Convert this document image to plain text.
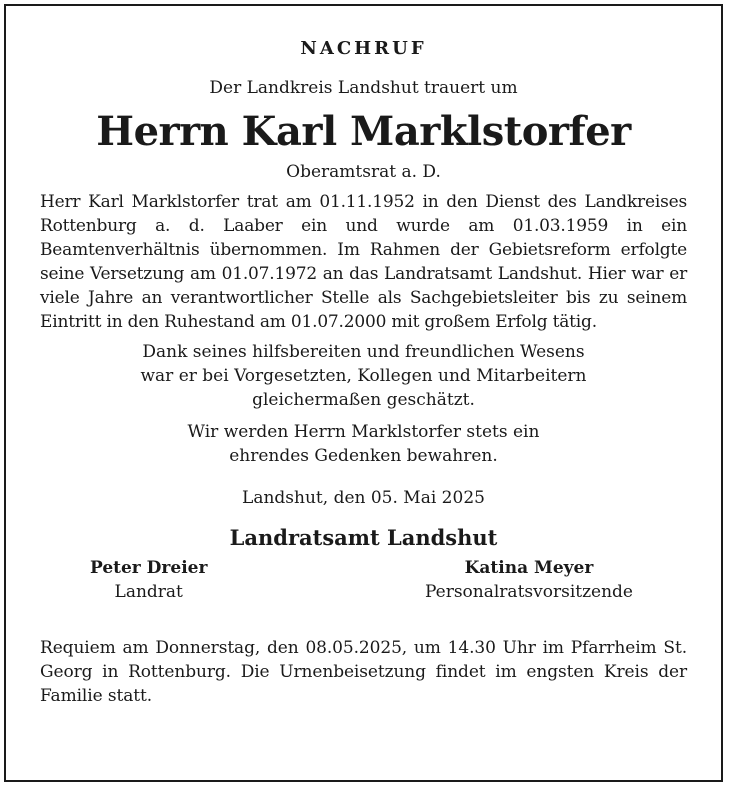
NACHRUF
Der Landkreis Landshut trauert um
Herrn Karl Marklstorfer
Oberamtsrat a. D.
Herr Karl Marklstorfer trat am 01.11.1952 in den Dienst des Landkreises Rottenburg a. d. Laaber ein und wurde am 01.03.1959 in ein Beamtenverhältnis übernommen. Im Rahmen der Gebietsreform erfolgte seine Versetzung am 01.07.1972 an das Landratsamt Landshut. Hier war er viele Jahre an verantwortlicher Stelle als Sachgebietsleiter bis zu seinem Eintritt in den Ruhestand am 01.07.2000 mit großem Erfolg tätig.
Dank seines hilfsbereiten und freundlichen Wesens
war er bei Vorgesetzten, Kollegen und Mitarbeitern
gleichermaßen geschätzt.
Wir werden Herrn Marklstorfer stets ein
ehrendes Gedenken bewahren.
Landshut, den 05. Mai 2025
Landratsamt Landshut
Peter Dreier
Landrat
Katina Meyer
Personalratsvorsitzende
Requiem am Donnerstag, den 08.05.2025, um 14.30 Uhr im Pfarrheim St. Georg in Rottenburg. Die Urnenbeisetzung findet im engsten Kreis der Familie statt.
